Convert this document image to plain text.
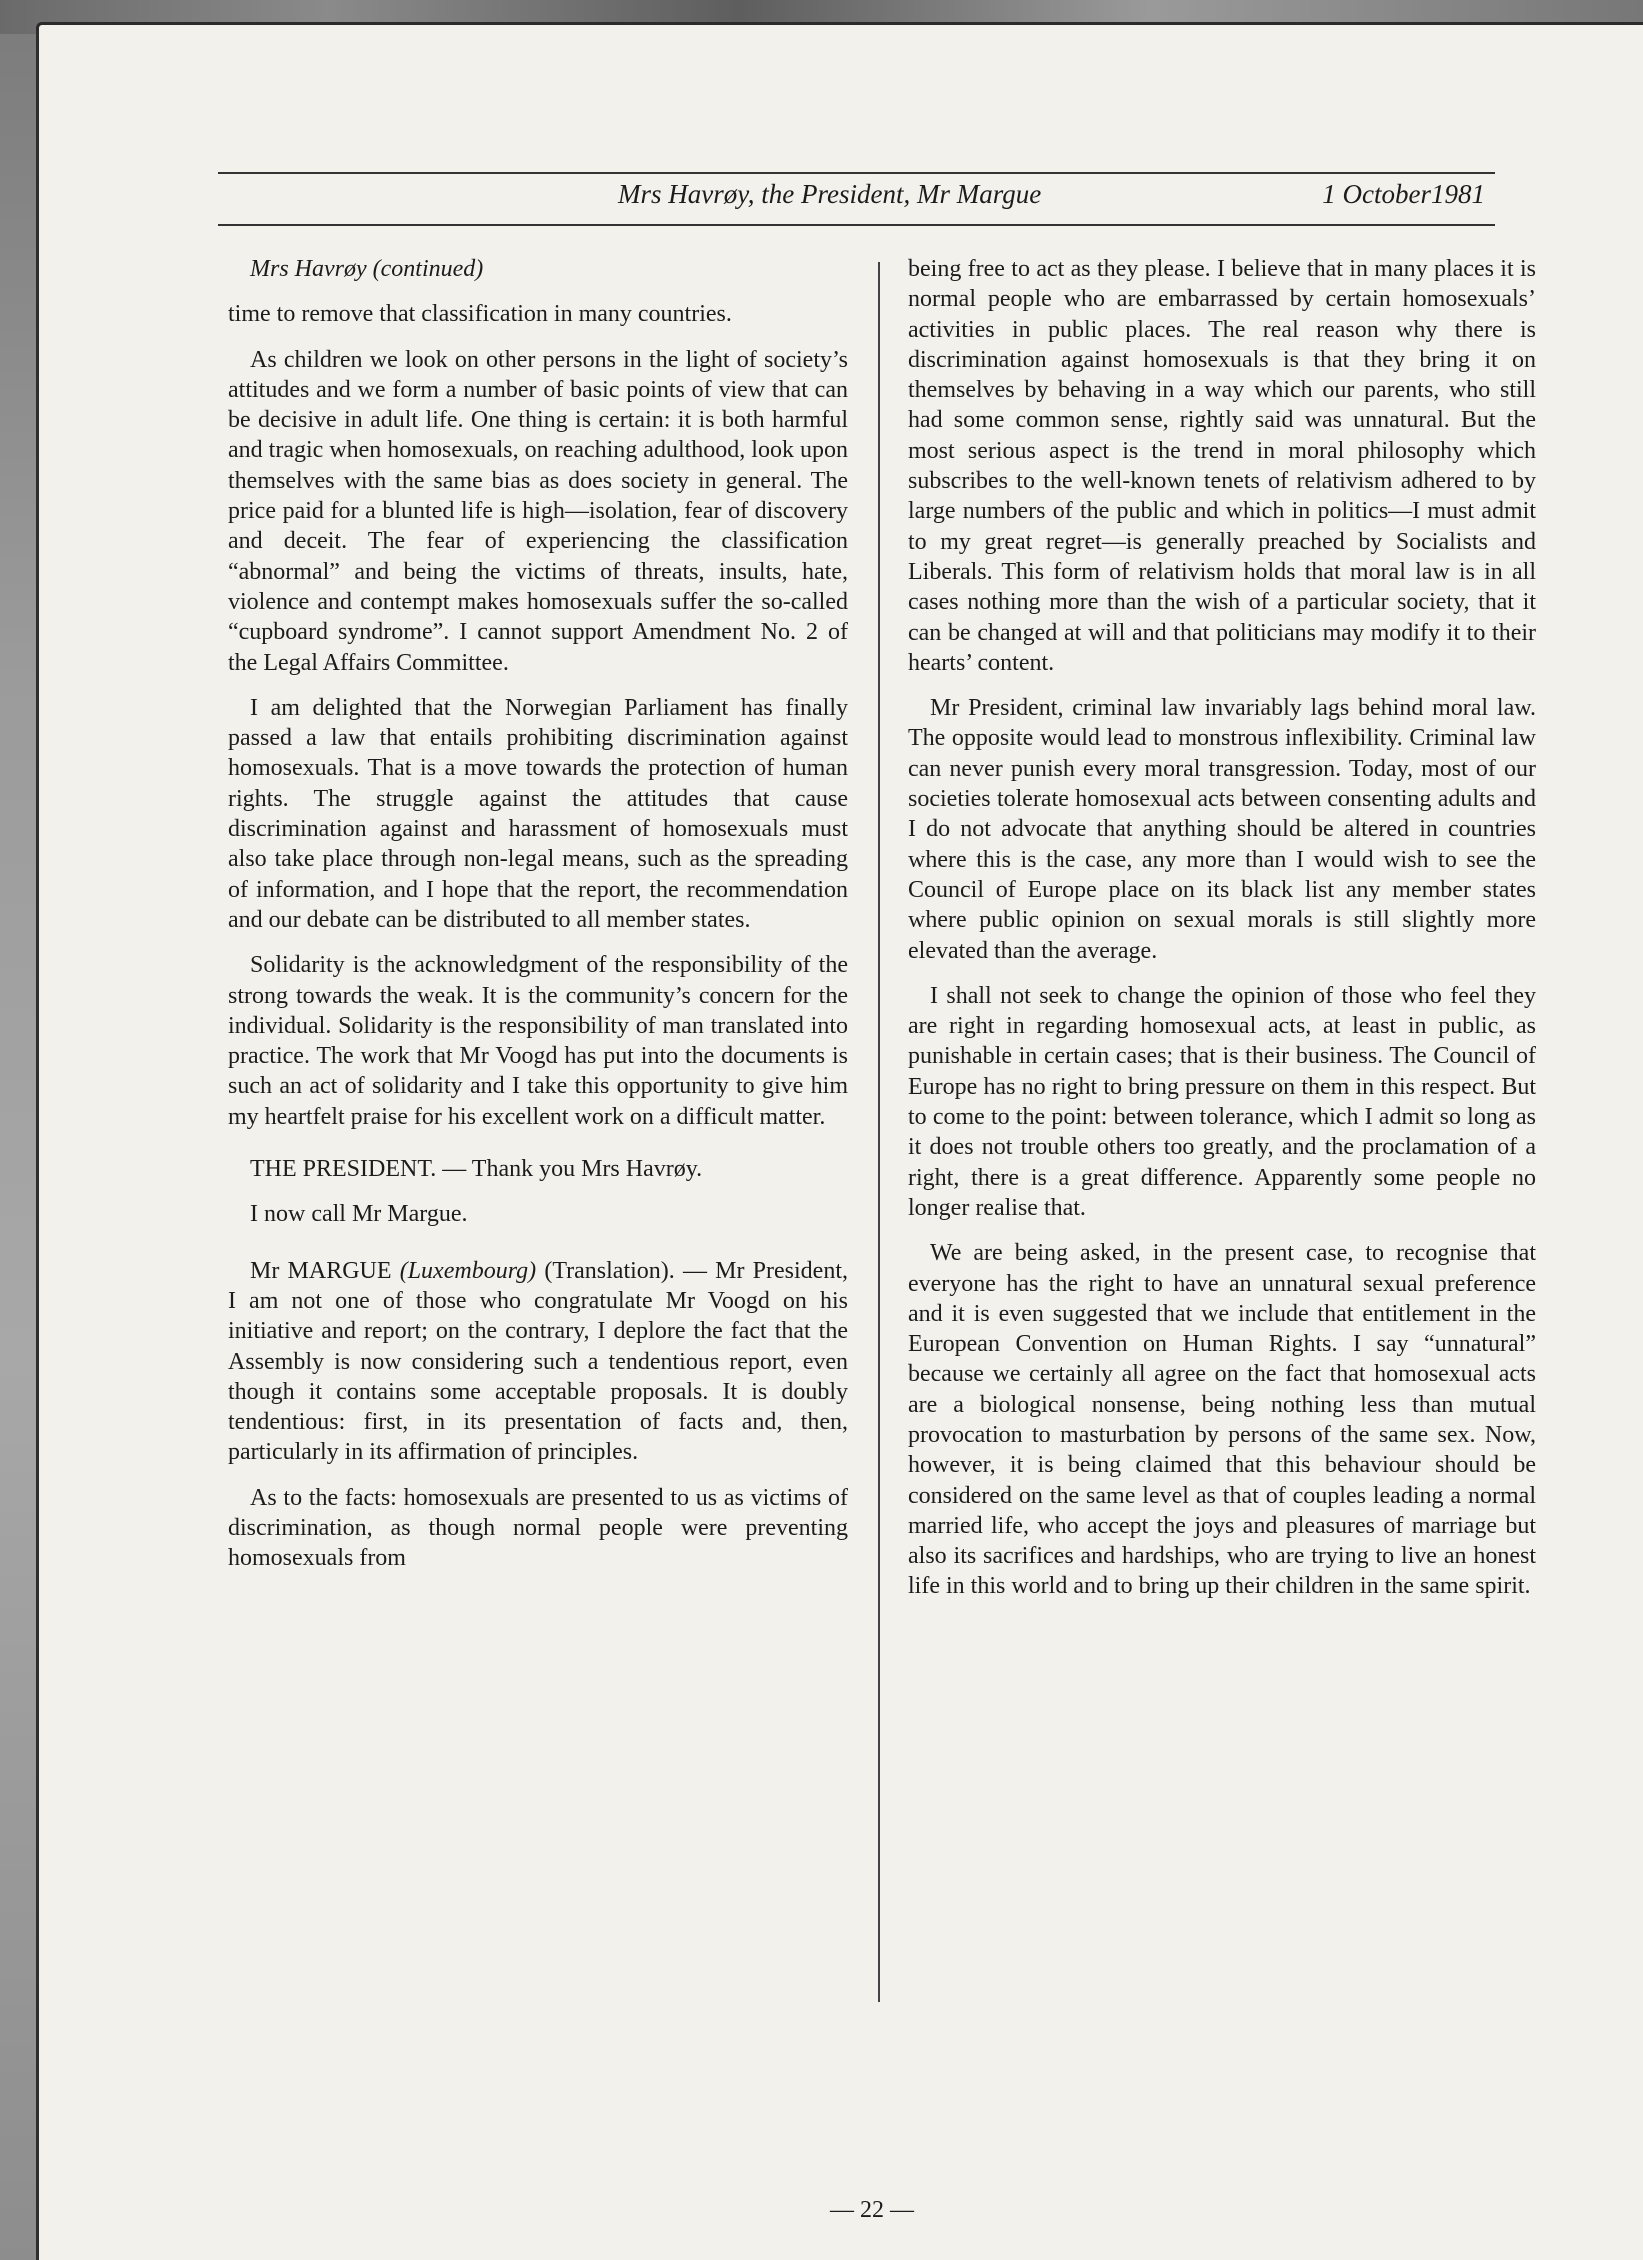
Mrs Havrøy, the President, Mr Margue	1 October1981

Mrs Havrøy (continued)

time to remove that classification in many countries.

As children we look on other persons in the light of society’s attitudes and we form a number of basic points of view that can be decisive in adult life. One thing is certain: it is both harmful and tragic when homosexuals, on reaching adulthood, look upon themselves with the same bias as does society in general. The price paid for a blunted life is high—isolation, fear of discovery and deceit. The fear of experiencing the classification “abnormal” and being the victims of threats, insults, hate, violence and contempt makes homosexuals suffer the so-called “cupboard syndrome”. I cannot support Amendment No. 2 of the Legal Affairs Committee.

I am delighted that the Norwegian Parliament has finally passed a law that entails prohibiting discrimination against homosexuals. That is a move towards the protection of human rights. The struggle against the attitudes that cause discrimination against and harassment of homosexuals must also take place through non-legal means, such as the spreading of information, and I hope that the report, the recommendation and our debate can be distributed to all member states.

Solidarity is the acknowledgment of the responsibility of the strong towards the weak. It is the community’s concern for the individual. Solidarity is the responsibility of man translated into practice. The work that Mr Voogd has put into the documents is such an act of solidarity and I take this opportunity to give him my heartfelt praise for his excellent work on a difficult matter.

THE PRESIDENT. — Thank you Mrs Havrøy.

I now call Mr Margue.

Mr MARGUE (Luxembourg) (Translation). — Mr President, I am not one of those who congratulate Mr Voogd on his initiative and report; on the contrary, I deplore the fact that the Assembly is now considering such a tendentious report, even though it contains some acceptable proposals. It is doubly tendentious: first, in its presentation of facts and, then, particularly in its affirmation of principles.

As to the facts: homosexuals are presented to us as victims of discrimination, as though normal people were preventing homosexuals from

being free to act as they please. I believe that in many places it is normal people who are embarrassed by certain homosexuals’ activities in public places. The real reason why there is discrimination against homosexuals is that they bring it on themselves by behaving in a way which our parents, who still had some common sense, rightly said was unnatural. But the most serious aspect is the trend in moral philosophy which subscribes to the well-known tenets of relativism adhered to by large numbers of the public and which in politics—I must admit to my great regret—is generally preached by Socialists and Liberals. This form of relativism holds that moral law is in all cases nothing more than the wish of a particular society, that it can be changed at will and that politicians may modify it to their hearts’ content.

Mr President, criminal law invariably lags behind moral law. The opposite would lead to monstrous inflexibility. Criminal law can never punish every moral transgression. Today, most of our societies tolerate homosexual acts between consenting adults and I do not advocate that anything should be altered in countries where this is the case, any more than I would wish to see the Council of Europe place on its black list any member states where public opinion on sexual morals is still slightly more elevated than the average.

I shall not seek to change the opinion of those who feel they are right in regarding homosexual acts, at least in public, as punishable in certain cases; that is their business. The Council of Europe has no right to bring pressure on them in this respect. But to come to the point: between tolerance, which I admit so long as it does not trouble others too greatly, and the proclamation of a right, there is a great difference. Apparently some people no longer realise that.

We are being asked, in the present case, to recognise that everyone has the right to have an unnatural sexual preference and it is even suggested that we include that entitlement in the European Convention on Human Rights. I say “unnatural” because we certainly all agree on the fact that homosexual acts are a biological nonsense, being nothing less than mutual provocation to masturbation by persons of the same sex. Now, however, it is being claimed that this behaviour should be considered on the same level as that of couples leading a normal married life, who accept the joys and pleasures of marriage but also its sacrifices and hardships, who are trying to live an honest life in this world and to bring up their children in the same spirit.

— 22 —
